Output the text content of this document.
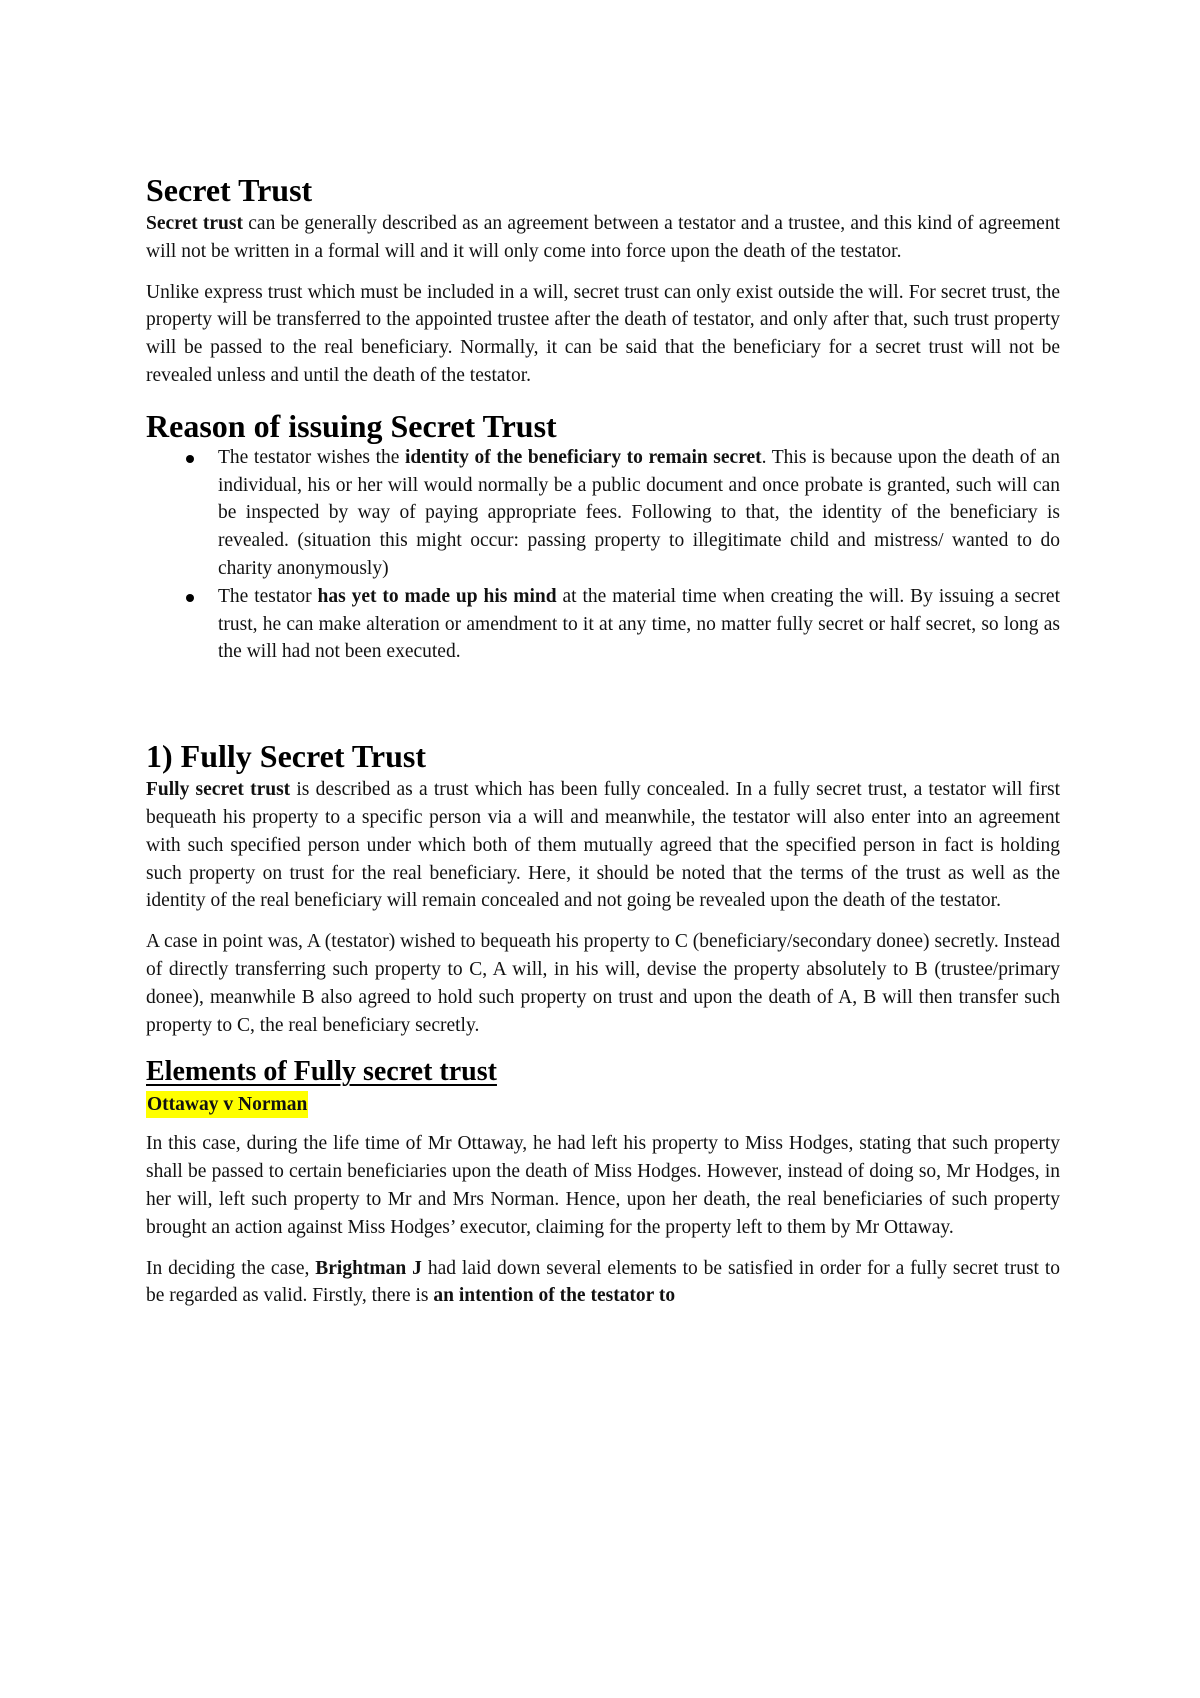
Secret Trust

Secret trust can be generally described as an agreement between a testator and a trustee, and this kind of agreement will not be written in a formal will and it will only come into force upon the death of the testator.

Unlike express trust which must be included in a will, secret trust can only exist outside the will. For secret trust, the property will be transferred to the appointed trustee after the death of testator, and only after that, such trust property will be passed to the real beneficiary. Normally, it can be said that the beneficiary for a secret trust will not be revealed unless and until the death of the testator.

Reason of issuing Secret Trust
The testator wishes the identity of the beneficiary to remain secret. This is because upon the death of an individual, his or her will would normally be a public document and once probate is granted, such will can be inspected by way of paying appropriate fees. Following to that, the identity of the beneficiary is revealed. (situation this might occur: passing property to illegitimate child and mistress/ wanted to do charity anonymously)
The testator has yet to made up his mind at the material time when creating the will. By issuing a secret trust, he can make alteration or amendment to it at any time, no matter fully secret or half secret, so long as the will had not been executed.
1) Fully Secret Trust

Fully secret trust is described as a trust which has been fully concealed. In a fully secret trust, a testator will first bequeath his property to a specific person via a will and meanwhile, the testator will also enter into an agreement with such specified person under which both of them mutually agreed that the specified person in fact is holding such property on trust for the real beneficiary. Here, it should be noted that the terms of the trust as well as the identity of the real beneficiary will remain concealed and not going be revealed upon the death of the testator.

A case in point was, A (testator) wished to bequeath his property to C (beneficiary/secondary donee) secretly. Instead of directly transferring such property to C, A will, in his will, devise the property absolutely to B (trustee/primary donee), meanwhile B also agreed to hold such property on trust and upon the death of A, B will then transfer such property to C, the real beneficiary secretly.

Elements of Fully secret trust
Ottaway v Norman

In this case, during the life time of Mr Ottaway, he had left his property to Miss Hodges, stating that such property shall be passed to certain beneficiaries upon the death of Miss Hodges. However, instead of doing so, Mr Hodges, in her will, left such property to Mr and Mrs Norman. Hence, upon her death, the real beneficiaries of such property brought an action against Miss Hodges’ executor, claiming for the property left to them by Mr Ottaway.

In deciding the case, Brightman J had laid down several elements to be satisfied in order for a fully secret trust to be regarded as valid. Firstly, there is an intention of the testator to
